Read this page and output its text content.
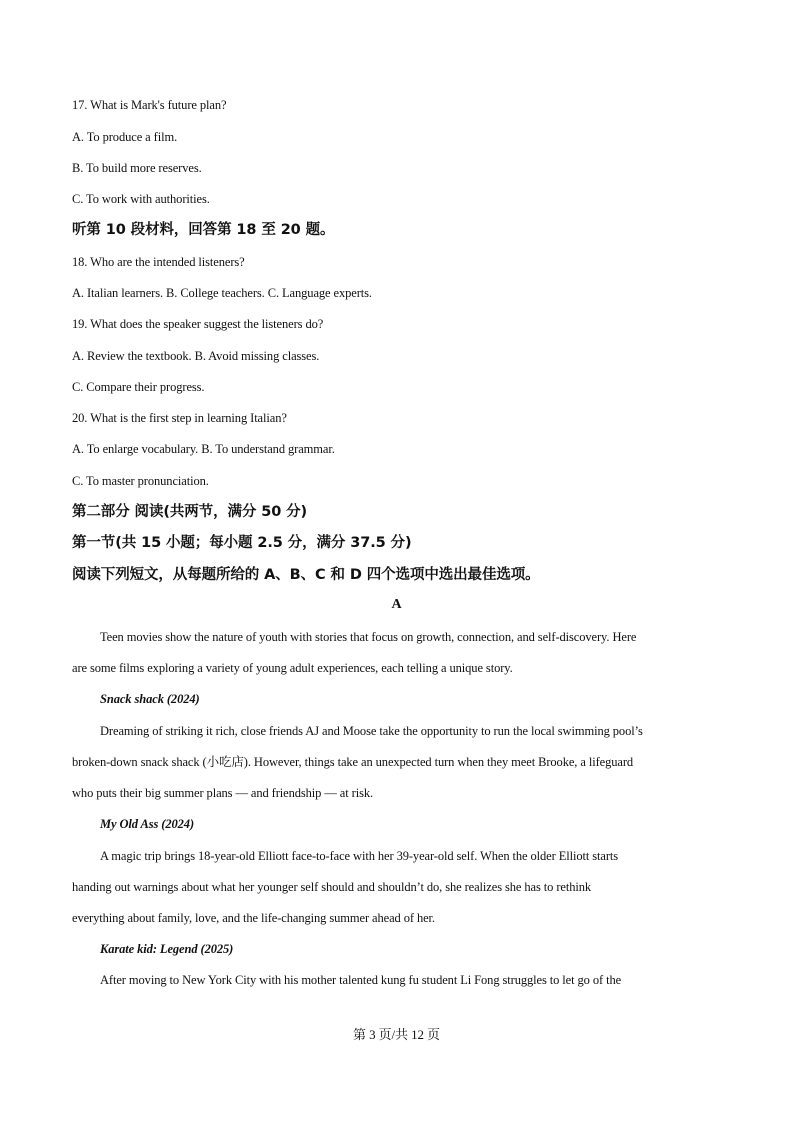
17. What is Mark's future plan?
A. To produce a film.
B. To build more reserves.
C. To work with authorities.
听第 10 段材料，回答第 18 至 20 题。
18. Who are the intended listeners?
A. Italian learners. B. College teachers. C. Language experts.
19. What does the speaker suggest the listeners do?
A. Review the textbook. B. Avoid missing classes.
C. Compare their progress.
20. What is the first step in learning Italian?
A. To enlarge vocabulary. B. To understand grammar.
C. To master pronunciation.
第二部分 阅读(共两节，满分 50 分)
第一节(共 15 小题；每小题 2.5 分，满分 37.5 分)
阅读下列短文，从每题所给的 A、B、C 和 D 四个选项中选出最佳选项。
A
Teen movies show the nature of youth with stories that focus on growth, connection, and self-discovery. Here
are some films exploring a variety of young adult experiences, each telling a unique story.
Snack shack (2024)
Dreaming of striking it rich, close friends AJ and Moose take the opportunity to run the local swimming pool’s
broken-down snack shack (小吃店). However, things take an unexpected turn when they meet Brooke, a lifeguard
who puts their big summer plans — and friendship — at risk.
My Old Ass (2024)
A magic trip brings 18-year-old Elliott face-to-face with her 39-year-old self. When the older Elliott starts
handing out warnings about what her younger self should and shouldn’t do, she realizes she has to rethink
everything about family, love, and the life-changing summer ahead of her.
Karate kid: Legend (2025)
After moving to New York City with his mother talented kung fu student Li Fong struggles to let go of the
第 3 页/共 12 页
